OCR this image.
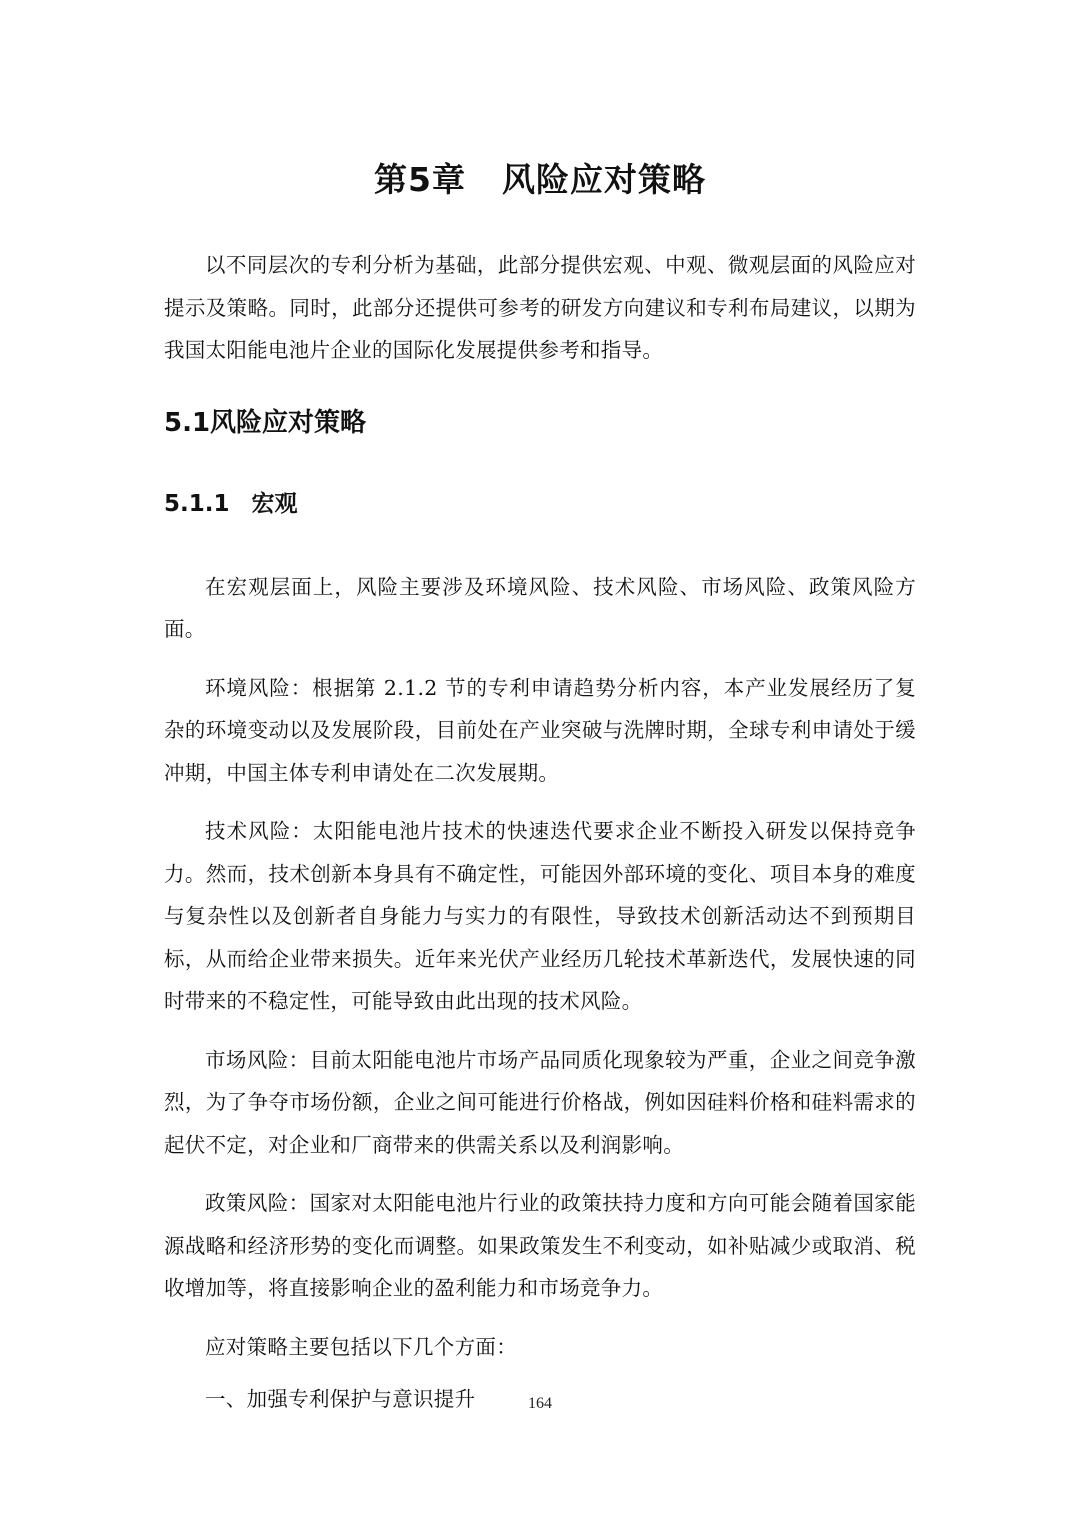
第5章 风险应对策略

以不同层次的专利分析为基础，此部分提供宏观、中观、微观层面的风险应对提示及策略。同时，此部分还提供可参考的研发方向建议和专利布局建议，以期为我国太阳能电池片企业的国际化发展提供参考和指导。

5.1风险应对策略
5.1.1 宏观

在宏观层面上，风险主要涉及环境风险、技术风险、市场风险、政策风险方面。

环境风险：根据第 2.1.2 节的专利申请趋势分析内容，本产业发展经历了复杂的环境变动以及发展阶段，目前处在产业突破与洗牌时期，全球专利申请处于缓冲期，中国主体专利申请处在二次发展期。

技术风险：太阳能电池片技术的快速迭代要求企业不断投入研发以保持竞争力。然而，技术创新本身具有不确定性，可能因外部环境的变化、项目本身的难度与复杂性以及创新者自身能力与实力的有限性，导致技术创新活动达不到预期目标，从而给企业带来损失。近年来光伏产业经历几轮技术革新迭代，发展快速的同时带来的不稳定性，可能导致由此出现的技术风险。

市场风险：目前太阳能电池片市场产品同质化现象较为严重，企业之间竞争激烈，为了争夺市场份额，企业之间可能进行价格战，例如因硅料价格和硅料需求的起伏不定，对企业和厂商带来的供需关系以及利润影响。

政策风险：国家对太阳能电池片行业的政策扶持力度和方向可能会随着国家能源战略和经济形势的变化而调整。如果政策发生不利变动，如补贴减少或取消、税收增加等，将直接影响企业的盈利能力和市场竞争力。

应对策略主要包括以下几个方面：

一、加强专利保护与意识提升	164
